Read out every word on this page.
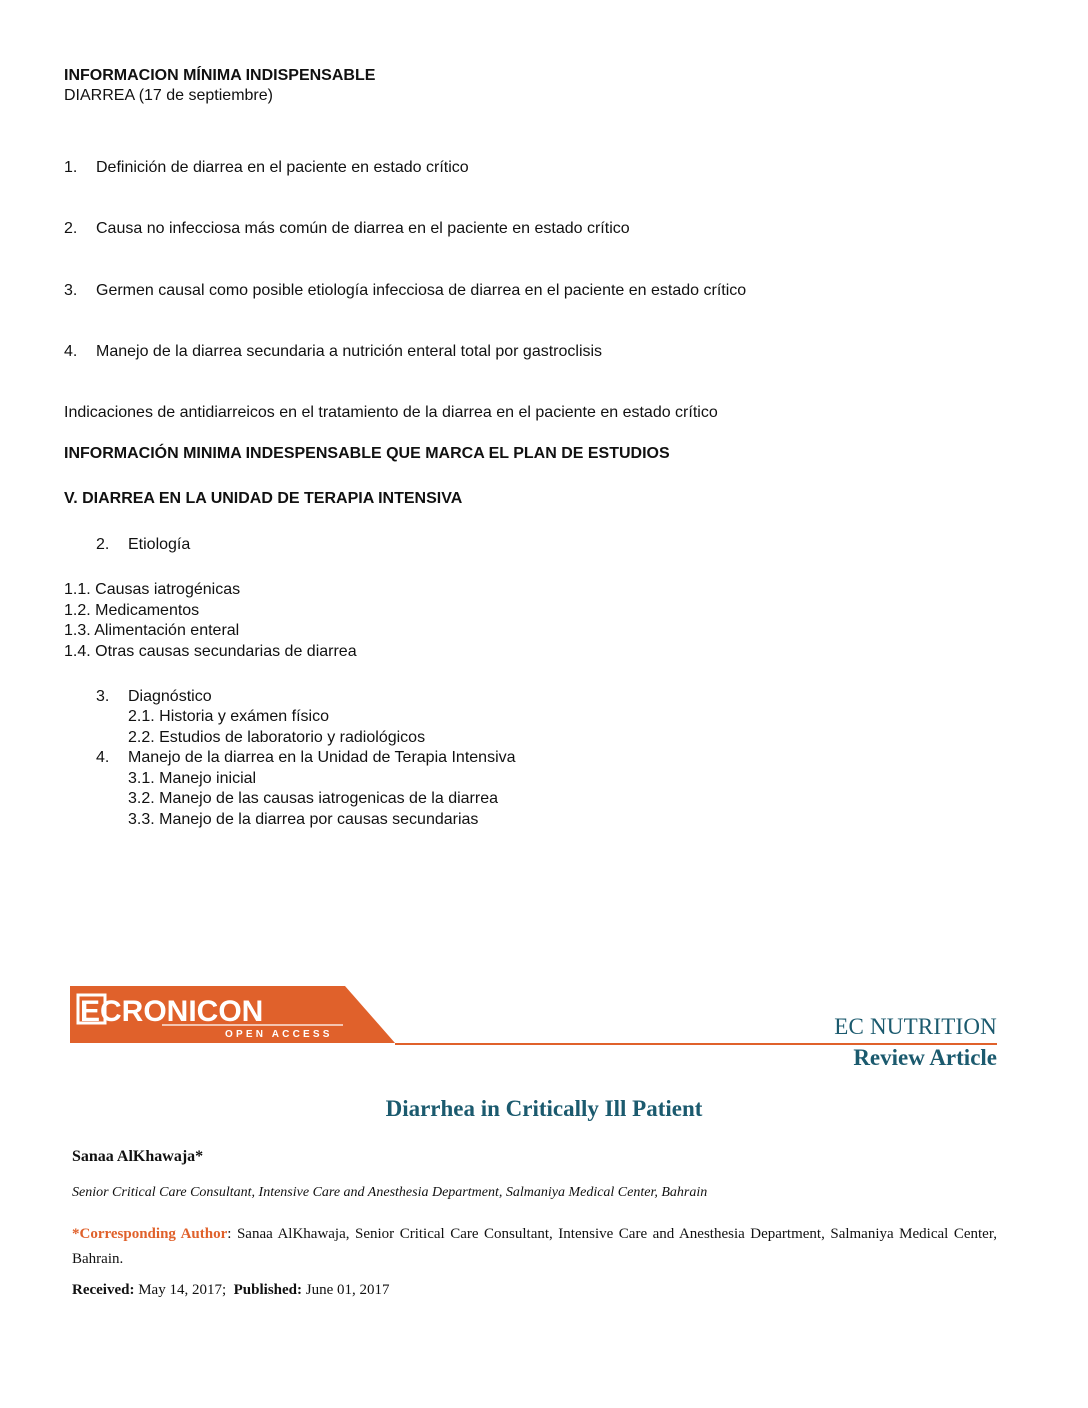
INFORMACION MÍNIMA INDISPENSABLE
DIARREA (17 de septiembre)
1. Definición de diarrea en el paciente en estado crítico
2. Causa no infecciosa más común de diarrea en el paciente en estado crítico
3. Germen causal como posible etiología infecciosa de diarrea en el paciente en estado crítico
4. Manejo de la diarrea secundaria a nutrición enteral total por gastroclisis
Indicaciones de antidiarreicos en el tratamiento de la diarrea en el paciente en estado crítico
INFORMACIÓN MINIMA INDESPENSABLE QUE MARCA EL PLAN DE ESTUDIOS
V. DIARREA EN LA UNIDAD DE TERAPIA INTENSIVA
2. Etiología
1.1. Causas iatrogénicas
1.2. Medicamentos
1.3. Alimentación enteral
1.4. Otras causas secundarias de diarrea
3. Diagnóstico
2.1. Historia y exámen físico
2.2. Estudios de laboratorio y radiológicos
4. Manejo de la diarrea en la Unidad de Terapia Intensiva
3.1. Manejo inicial
3.2. Manejo de las causas iatrogenicas de la diarrea
3.3. Manejo de la diarrea por causas secundarias
ECRONICON
OPEN ACCESS	EC NUTRITION
Review Article
Diarrhea in Critically Ill Patient
Sanaa AlKhawaja*
Senior Critical Care Consultant, Intensive Care and Anesthesia Department, Salmaniya Medical Center, Bahrain
*Corresponding Author: Sanaa AlKhawaja, Senior Critical Care Consultant, Intensive Care and Anesthesia Department, Salmaniya Medical Center, Bahrain.
Received: May 14, 2017; Published: June 01, 2017
